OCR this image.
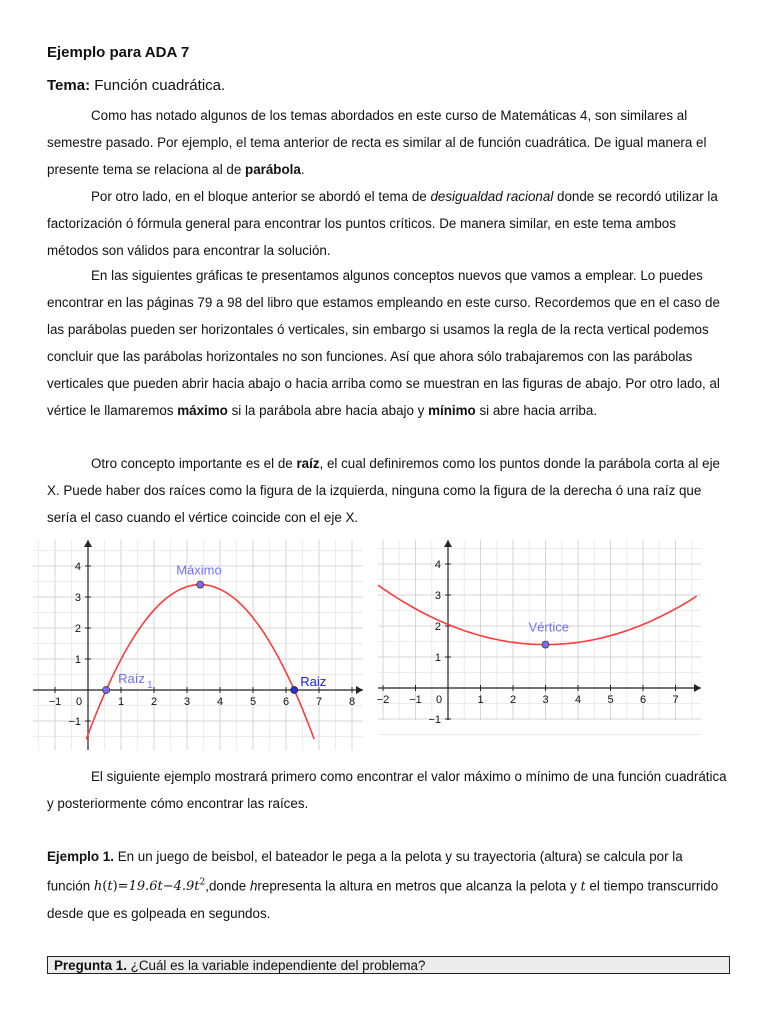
Ejemplo para ADA 7
Tema: Función cuadrática.
Como has notado algunos de los temas abordados en este curso de Matemáticas 4, son similares al semestre pasado. Por ejemplo, el tema anterior de recta es similar al de función cuadrática. De igual manera el presente tema se relaciona al de parábola.
Por otro lado, en el bloque anterior se abordó el tema de desigualdad racional donde se recordó utilizar la factorización ó fórmula general para encontrar los puntos críticos. De manera similar, en este tema ambos métodos son válidos para encontrar la solución.
En las siguientes gráficas te presentamos algunos conceptos nuevos que vamos a emplear. Lo puedes encontrar en las páginas 79 a 98 del libro que estamos empleando en este curso. Recordemos que en el caso de las parábolas pueden ser horizontales ó verticales, sin embargo si usamos la regla de la recta vertical podemos concluir que las parábolas horizontales no son funciones. Así que ahora sólo trabajaremos con las parábolas verticales que pueden abrir hacia abajo o hacia arriba como se muestran en las figuras de abajo. Por otro lado, al vértice le llamaremos máximo si la parábola abre hacia abajo y mínimo si abre hacia arriba.
Otro concepto importante es el de raíz, el cual definiremos como los puntos donde la parábola corta al eje X. Puede haber dos raíces como la figura de la izquierda, ninguna como la figura de la derecha ó una raíz que sería el caso cuando el vértice coincide con el eje X.
−1 0	1 2 3 4 5 6 7 8
4
3
2
1
−1
Máximo
Raíz 1	Raiz
−2 −1 0	1 2 3 4 5 6 7
4
3
2
1
−1
Vértice
El siguiente ejemplo mostrará primero como encontrar el valor máximo o mínimo de una función cuadrática y posteriormente cómo encontrar las raíces.
Ejemplo 1. En un juego de beisbol, el bateador le pega a la pelota y su trayectoria (altura) se calcula por la función $h(t)=19.6t-4.9t^2,donde$ hrepresenta la altura en metros que alcanza la pelota y t el tiempo transcurrido desde que es golpeada en segundos.
Pregunta 1. ¿Cuál es la variable independiente del problema?
